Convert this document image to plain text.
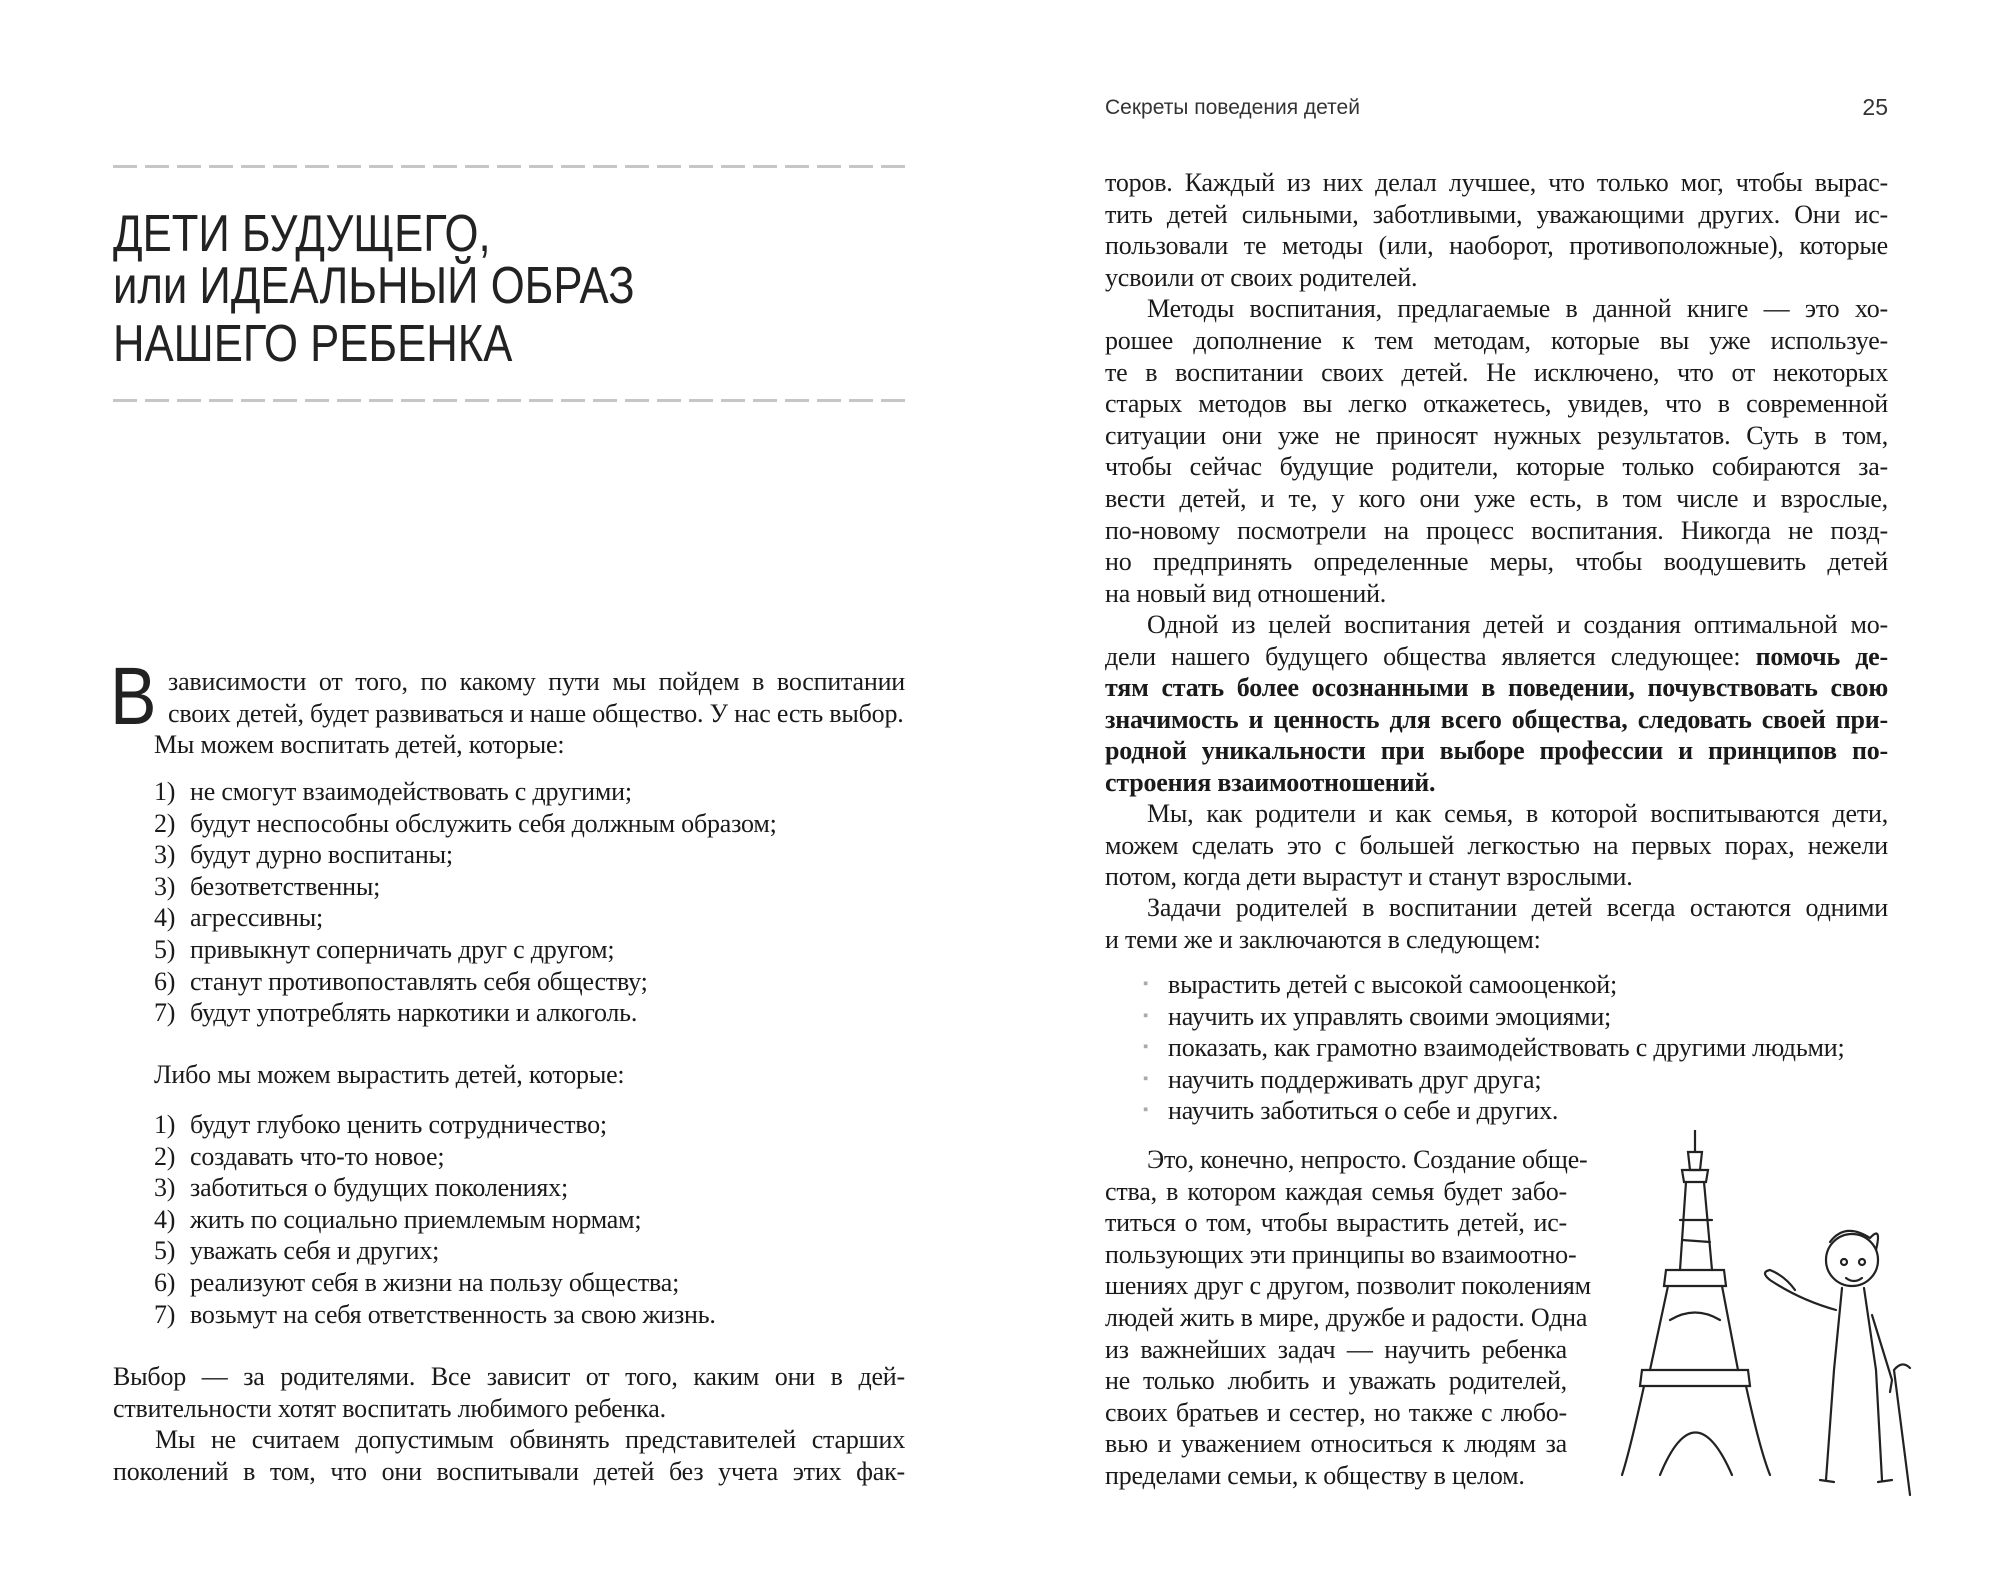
Секреты поведения детей	25
ДЕТИ БУДУЩЕГО,
или ИДЕАЛЬНЫЙ ОБРАЗ
НАШЕГО РЕБЕНКА
В зависимости от того, по какому пути мы пойдем в воспитании
своих детей, будет развиваться и наше общество. У нас есть выбор.
Мы можем воспитать детей, которые:
1) не смогут взаимодействовать с другими;
2) будут неспособны обслужить себя должным образом;
3) будут дурно воспитаны;
3) безответственны;
4) агрессивны;
5) привыкнут соперничать друг с другом;
6) станут противопоставлять себя обществу;
7) будут употреблять наркотики и алкоголь.
Либо мы можем вырастить детей, которые:
1) будут глубоко ценить сотрудничество;
2) создавать что-то новое;
3) заботиться о будущих поколениях;
4) жить по социально приемлемым нормам;
5) уважать себя и других;
6) реализуют себя в жизни на пользу общества;
7) возьмут на себя ответственность за свою жизнь.
Выбор — за родителями. Все зависит от того, каким они в дей-
ствительности хотят воспитать любимого ребенка.
Мы не считаем допустимым обвинять представителей старших
поколений в том, что они воспитывали детей без учета этих фак-
торов. Каждый из них делал лучшее, что только мог, чтобы вырас-
тить детей сильными, заботливыми, уважающими других. Они ис-
пользовали те методы (или, наоборот, противоположные), которые
усвоили от своих родителей.
Методы воспитания, предлагаемые в данной книге — это хо-
рошее дополнение к тем методам, которые вы уже используе-
те в воспитании своих детей. Не исключено, что от некоторых
старых методов вы легко откажетесь, увидев, что в современной
ситуации они уже не приносят нужных результатов. Суть в том,
чтобы сейчас будущие родители, которые только собираются за-
вести детей, и те, у кого они уже есть, в том числе и взрослые,
по-новому посмотрели на процесс воспитания. Никогда не позд-
но предпринять определенные меры, чтобы воодушевить детей
на новый вид отношений.
Одной из целей воспитания детей и создания оптимальной мо-
дели нашего будущего общества является следующее: помочь де-
тям стать более осознанными в поведении, почувствовать свою
значимость и ценность для всего общества, следовать своей при-
родной уникальности при выборе профессии и принципов по-
строения взаимоотношений.
Мы, как родители и как семья, в которой воспитываются дети,
можем сделать это с большей легкостью на первых порах, нежели
потом, когда дети вырастут и станут взрослыми.
Задачи родителей в воспитании детей всегда остаются одними
и теми же и заключаются в следующем:
▪ вырастить детей с высокой самооценкой;
▪ научить их управлять своими эмоциями;
▪ показать, как грамотно взаимодействовать с другими людьми;
▪ научить поддерживать друг друга;
▪ научить заботиться о себе и других.
Это, конечно, непросто. Создание обще-
ства, в котором каждая семья будет забо-
титься о том, чтобы вырастить детей, ис-
пользующих эти принципы во взаимоотно-
шениях друг с другом, позволит поколениям
людей жить в мире, дружбе и радости. Одна
из важнейших задач — научить ребенка
не только любить и уважать родителей,
своих братьев и сестер, но также с любо-
вью и уважением относиться к людям за
пределами семьи, к обществу в целом.
